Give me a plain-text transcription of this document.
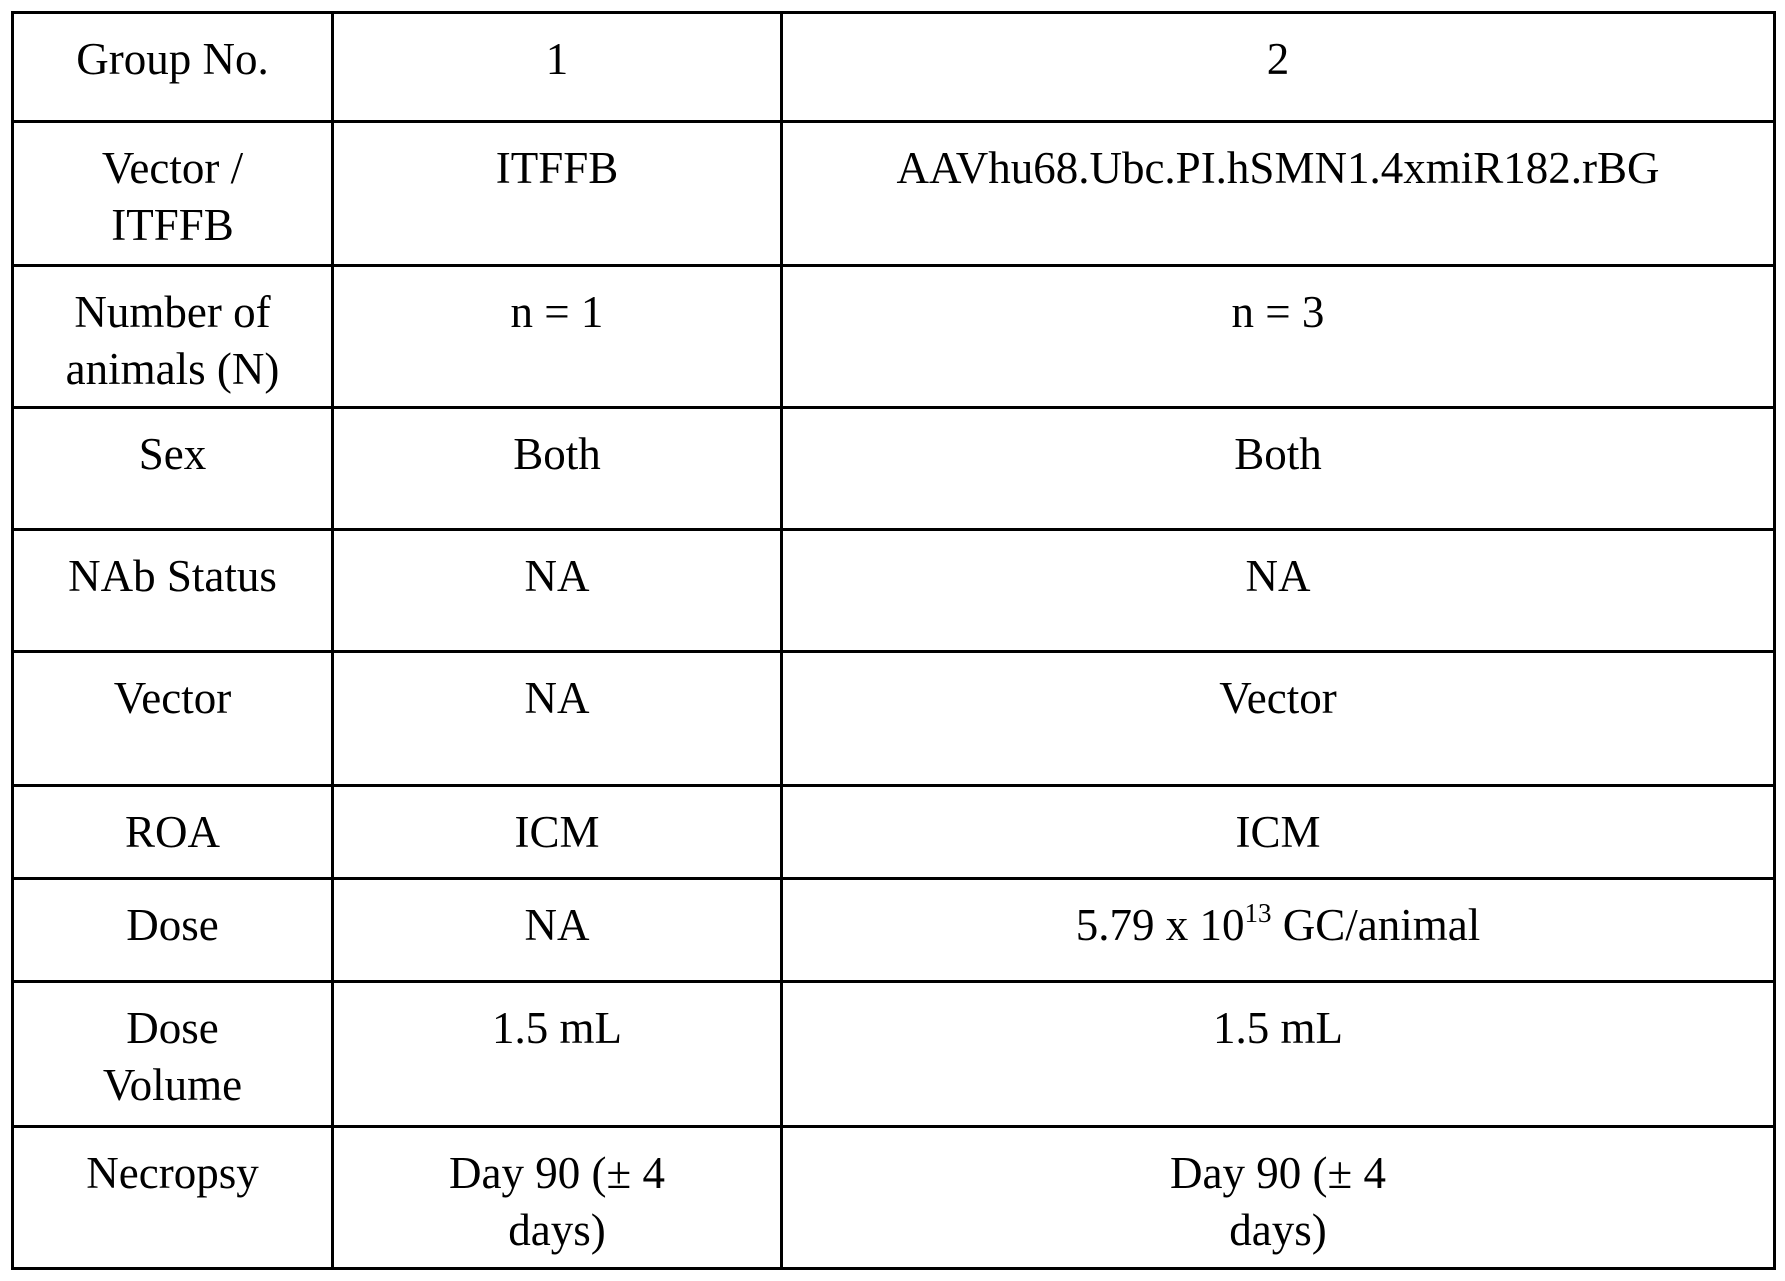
Group No.	1	2

Vector / ITFFB
	ITFFB	AAVhu68.Ubc.PI.hSMN1.4xmiR182.rBG
Number of animals (N)	n = 1	n = 3
Sex	Both	Both
NAb Status	NA	NA
Vector	NA	Vector
ROA	ICM	ICM
Dose	NA	5.79 x 1013 GC/animal

Dose Volume
	1.5 mL	1.5 mL
Necropsy	Day 90 (± 4 days)

Day 90 (± 4 days)
